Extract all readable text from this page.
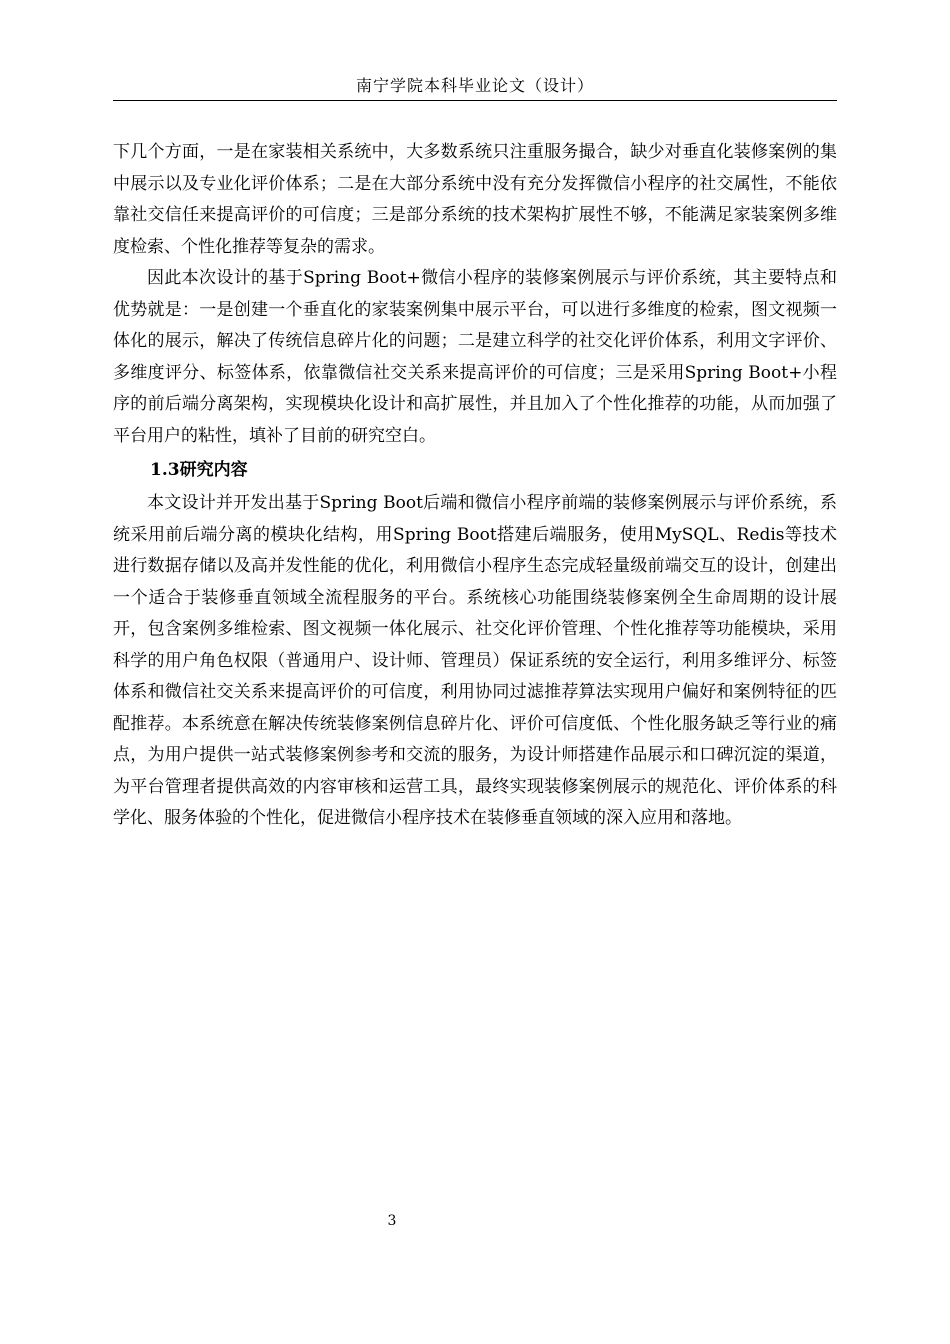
南宁学院本科毕业论文（设计）

下几个方面，一是在家装相关系统中，大多数系统只注重服务撮合，缺少对垂直化装修案例的集中展示以及专业化评价体系；二是在大部分系统中没有充分发挥微信小程序的社交属性，不能依靠社交信任来提高评价的可信度；三是部分系统的技术架构扩展性不够，不能满足家装案例多维度检索、个性化推荐等复杂的需求。

因此本次设计的基于Spring Boot+微信小程序的装修案例展示与评价系统，其主要特点和优势就是：一是创建一个垂直化的家装案例集中展示平台，可以进行多维度的检索，图文视频一体化的展示，解决了传统信息碎片化的问题；二是建立科学的社交化评价体系，利用文字评价、多维度评分、标签体系，依靠微信社交关系来提高评价的可信度；三是采用Spring Boot+小程序的前后端分离架构，实现模块化设计和高扩展性，并且加入了个性化推荐的功能，从而加强了平台用户的粘性，填补了目前的研究空白。

1.3研究内容

本文设计并开发出基于Spring Boot后端和微信小程序前端的装修案例展示与评价系统，系统采用前后端分离的模块化结构，用Spring Boot搭建后端服务，使用MySQL、Redis等技术进行数据存储以及高并发性能的优化，利用微信小程序生态完成轻量级前端交互的设计，创建出一个适合于装修垂直领域全流程服务的平台。系统核心功能围绕装修案例全生命周期的设计展开，包含案例多维检索、图文视频一体化展示、社交化评价管理、个性化推荐等功能模块，采用科学的用户角色权限（普通用户、设计师、管理员）保证系统的安全运行，利用多维评分、标签体系和微信社交关系来提高评价的可信度，利用协同过滤推荐算法实现用户偏好和案例特征的匹配推荐。本系统意在解决传统装修案例信息碎片化、评价可信度低、个性化服务缺乏等行业的痛点，为用户提供一站式装修案例参考和交流的服务，为设计师搭建作品展示和口碑沉淀的渠道，为平台管理者提供高效的内容审核和运营工具，最终实现装修案例展示的规范化、评价体系的科学化、服务体验的个性化，促进微信小程序技术在装修垂直领域的深入应用和落地。

3
